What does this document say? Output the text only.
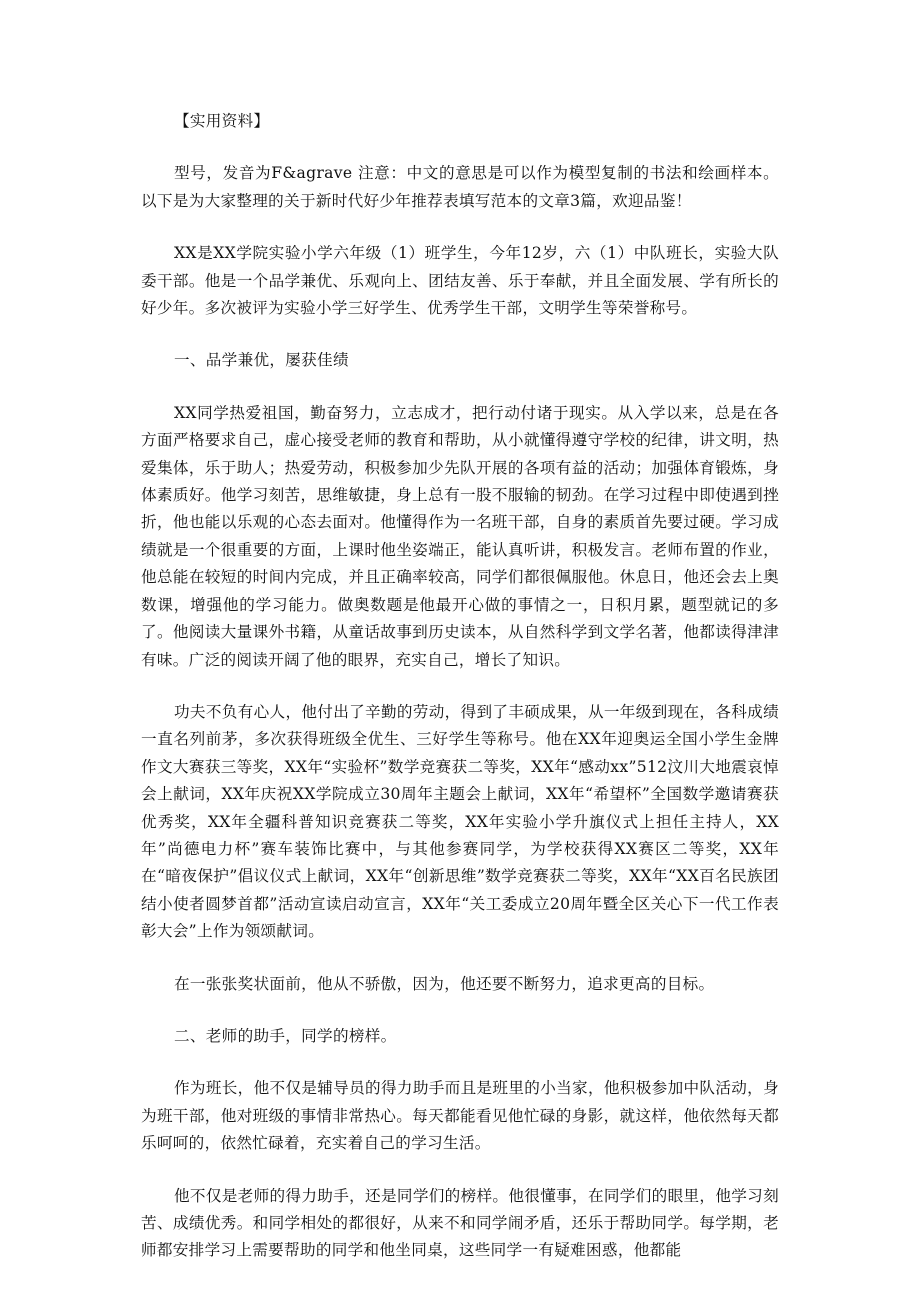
【实用资料】

型号，发音为F&agrave 注意：中文的意思是可以作为模型复制的书法和绘画样本。以下是为大家整理的关于新时代好少年推荐表填写范本的文章3篇，欢迎品鉴！

XX是XX学院实验小学六年级（1）班学生，今年12岁，六（1）中队班长，实验大队委干部。他是一个品学兼优、乐观向上、团结友善、乐于奉献，并且全面发展、学有所长的好少年。多次被评为实验小学三好学生、优秀学生干部，文明学生等荣誉称号。

一、品学兼优，屡获佳绩

XX同学热爱祖国，勤奋努力，立志成才，把行动付诸于现实。从入学以来，总是在各方面严格要求自己，虚心接受老师的教育和帮助，从小就懂得遵守学校的纪律，讲文明，热爱集体，乐于助人；热爱劳动，积极参加少先队开展的各项有益的活动；加强体育锻炼，身体素质好。他学习刻苦，思维敏捷，身上总有一股不服输的韧劲。在学习过程中即使遇到挫折，他也能以乐观的心态去面对。他懂得作为一名班干部，自身的素质首先要过硬。学习成绩就是一个很重要的方面，上课时他坐姿端正，能认真听讲，积极发言。老师布置的作业，他总能在较短的时间内完成，并且正确率较高，同学们都很佩服他。休息日，他还会去上奥数课，增强他的学习能力。做奥数题是他最开心做的事情之一，日积月累，题型就记的多了。他阅读大量课外书籍，从童话故事到历史读本，从自然科学到文学名著，他都读得津津有味。广泛的阅读开阔了他的眼界，充实自己，增长了知识。

功夫不负有心人，他付出了辛勤的劳动，得到了丰硕成果，从一年级到现在，各科成绩一直名列前茅，多次获得班级全优生、三好学生等称号。他在XX年迎奥运全国小学生金牌作文大赛获三等奖，XX年“实验杯”数学竞赛获二等奖，XX年“感动xx”512汶川大地震哀悼会上献词，XX年庆祝XX学院成立30周年主题会上献词，XX年“希望杯”全国数学邀请赛获优秀奖，XX年全疆科普知识竞赛获二等奖，XX年实验小学升旗仪式上担任主持人，XX年”尚德电力杯”赛车装饰比赛中，与其他参赛同学，为学校获得XX赛区二等奖，XX年在“暗夜保护”倡议仪式上献词，XX年“创新思维”数学竞赛获二等奖，XX年“XX百名民族团结小使者圆梦首都”活动宣读启动宣言，XX年“关工委成立20周年暨全区关心下一代工作表彰大会”上作为领颂献词。

在一张张奖状面前，他从不骄傲，因为，他还要不断努力，追求更高的目标。

二、老师的助手，同学的榜样。

作为班长，他不仅是辅导员的得力助手而且是班里的小当家，他积极参加中队活动，身为班干部，他对班级的事情非常热心。每天都能看见他忙碌的身影，就这样，他依然每天都乐呵呵的，依然忙碌着，充实着自己的学习生活。

他不仅是老师的得力助手，还是同学们的榜样。他很懂事，在同学们的眼里，他学习刻苦、成绩优秀。和同学相处的都很好，从来不和同学闹矛盾，还乐于帮助同学。每学期，老师都安排学习上需要帮助的同学和他坐同桌，这些同学一有疑难困惑，他都能
